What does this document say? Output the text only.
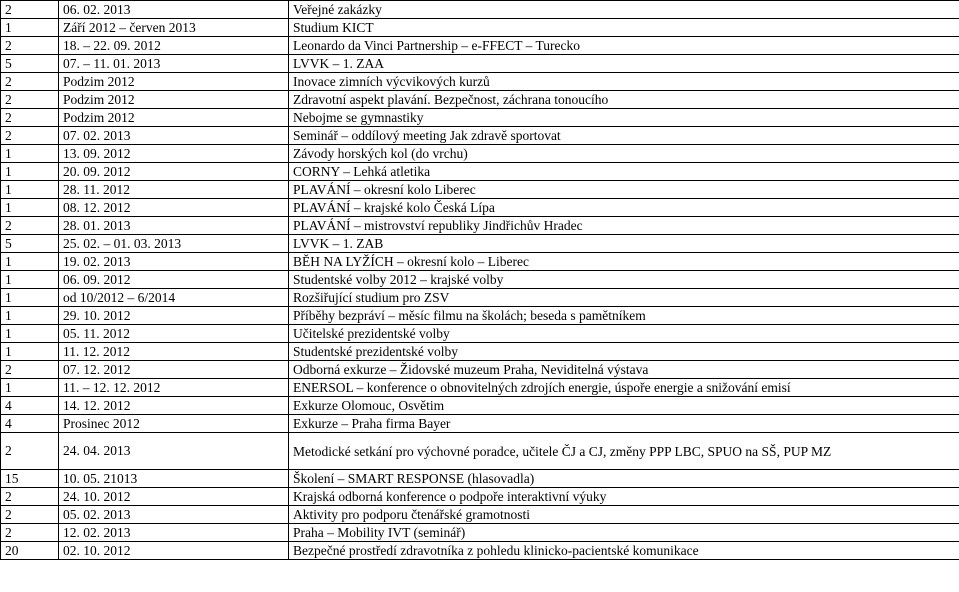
2	06. 02. 2013	Veřejné zakázky
1	Září 2012 – červen 2013	Studium KICT
2	18. – 22. 09. 2012	Leonardo da Vinci Partnership – e-FFECT – Turecko
5	07. – 11. 01. 2013	LVVK – 1. ZAA
2	Podzim 2012	Inovace zimních výcvikových kurzů
2	Podzim 2012	Zdravotní aspekt plavání. Bezpečnost, záchrana tonoucího
2	Podzim 2012	Nebojme se gymnastiky
2	07. 02. 2013	Seminář – oddílový meeting Jak zdravě sportovat
1	13. 09. 2012	Závody horských kol (do vrchu)
1	20. 09. 2012	CORNY – Lehká atletika
1	28. 11. 2012	PLAVÁNÍ – okresní kolo Liberec
1	08. 12. 2012	PLAVÁNÍ – krajské kolo Česká Lípa
2	28. 01. 2013	PLAVÁNÍ – mistrovství republiky Jindřichův Hradec
5	25. 02. – 01. 03. 2013	LVVK – 1. ZAB
1	19. 02. 2013	BĚH NA LYŽÍCH – okresní kolo – Liberec
1	06. 09. 2012	Studentské volby 2012 – krajské volby
1	od 10/2012 – 6/2014	Rozšiřující studium pro ZSV
1	29. 10. 2012	Příběhy bezpráví – měsíc filmu na školách; beseda s pamětníkem
1	05. 11. 2012	Učitelské prezidentské volby
1	11. 12. 2012	Studentské prezidentské volby
2	07. 12. 2012	Odborná exkurze – Židovské muzeum Praha, Neviditelná výstava
1	11. – 12. 12. 2012	ENERSOL – konference o obnovitelných zdrojích energie, úspoře energie a snižování emisí
4	14. 12. 2012	Exkurze Olomouc, Osvětim
4	Prosinec 2012	Exkurze – Praha firma Bayer
2	24. 04. 2013	Metodické setkání pro výchovné poradce, učitele ČJ a CJ, změny PPP LBC, SPUO na SŠ, PUP MZ
15	10. 05. 21013	Školení – SMART RESPONSE (hlasovadla)
2	24. 10. 2012	Krajská odborná konference o podpoře interaktivní výuky
2	05. 02. 2013	Aktivity pro podporu čtenářské gramotnosti
2	12. 02. 2013	Praha – Mobility IVT (seminář)
20	02. 10. 2012	Bezpečné prostředí zdravotníka z pohledu klinicko-pacientské komunikace
